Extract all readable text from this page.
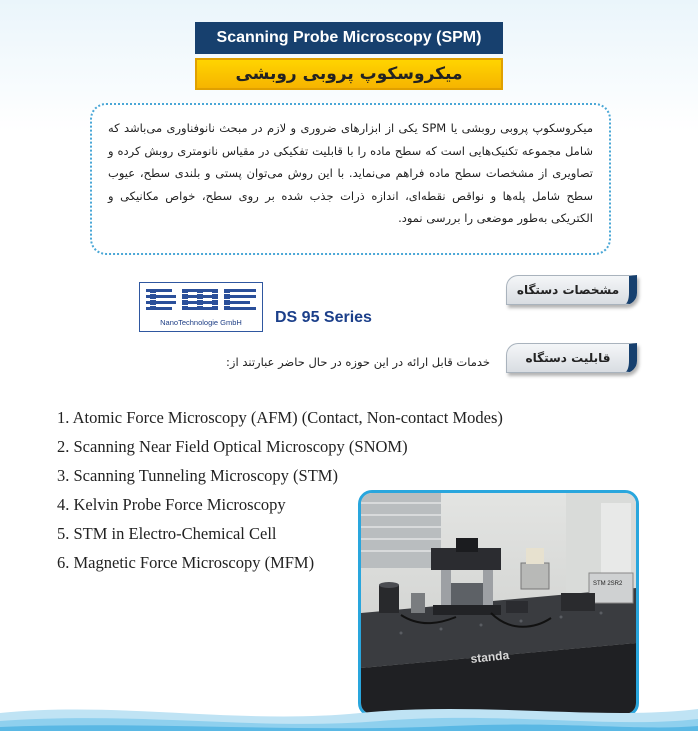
Scanning Probe Microscopy (SPM)
میکروسکوپ پروبی روبشی
میکروسکوپ پروبی روبشی یا SPM یکی از ابزارهای ضروری و لازم در مبحث نانوفناوری می‌باشد که شامل مجموعه تکنیک‌هایی است که سطح ماده را با قابلیت تفکیکی در مقیاس نانومتری روبش کرده و تصاویری از مشخصات سطح ماده فراهم می‌نماید. با این روش می‌توان پستی و بلندی سطح، عیوب سطح شامل پله‌ها و نواقص نقطه‌ای، اندازه ذرات جذب شده بر روی سطح، خواص مکانیکی و الکتریکی به‌طور موضعی را بررسی نمود.
مشخصات دستگاه
قابلیت دستگاه
NanoTechnologie GmbH	DS 95 Series
خدمات قابل ارائه در این حوزه در حال حاضر عبارتند از:
1. Atomic Force Microscopy (AFM) (Contact, Non-contact Modes)
2. Scanning Near Field Optical Microscopy (SNOM)
3. Scanning Tunneling Microscopy (STM)
4. Kelvin Probe Force Microscopy
5. STM in Electro-Chemical Cell
6. Magnetic Force Microscopy (MFM)
standa
STM 2SR2
